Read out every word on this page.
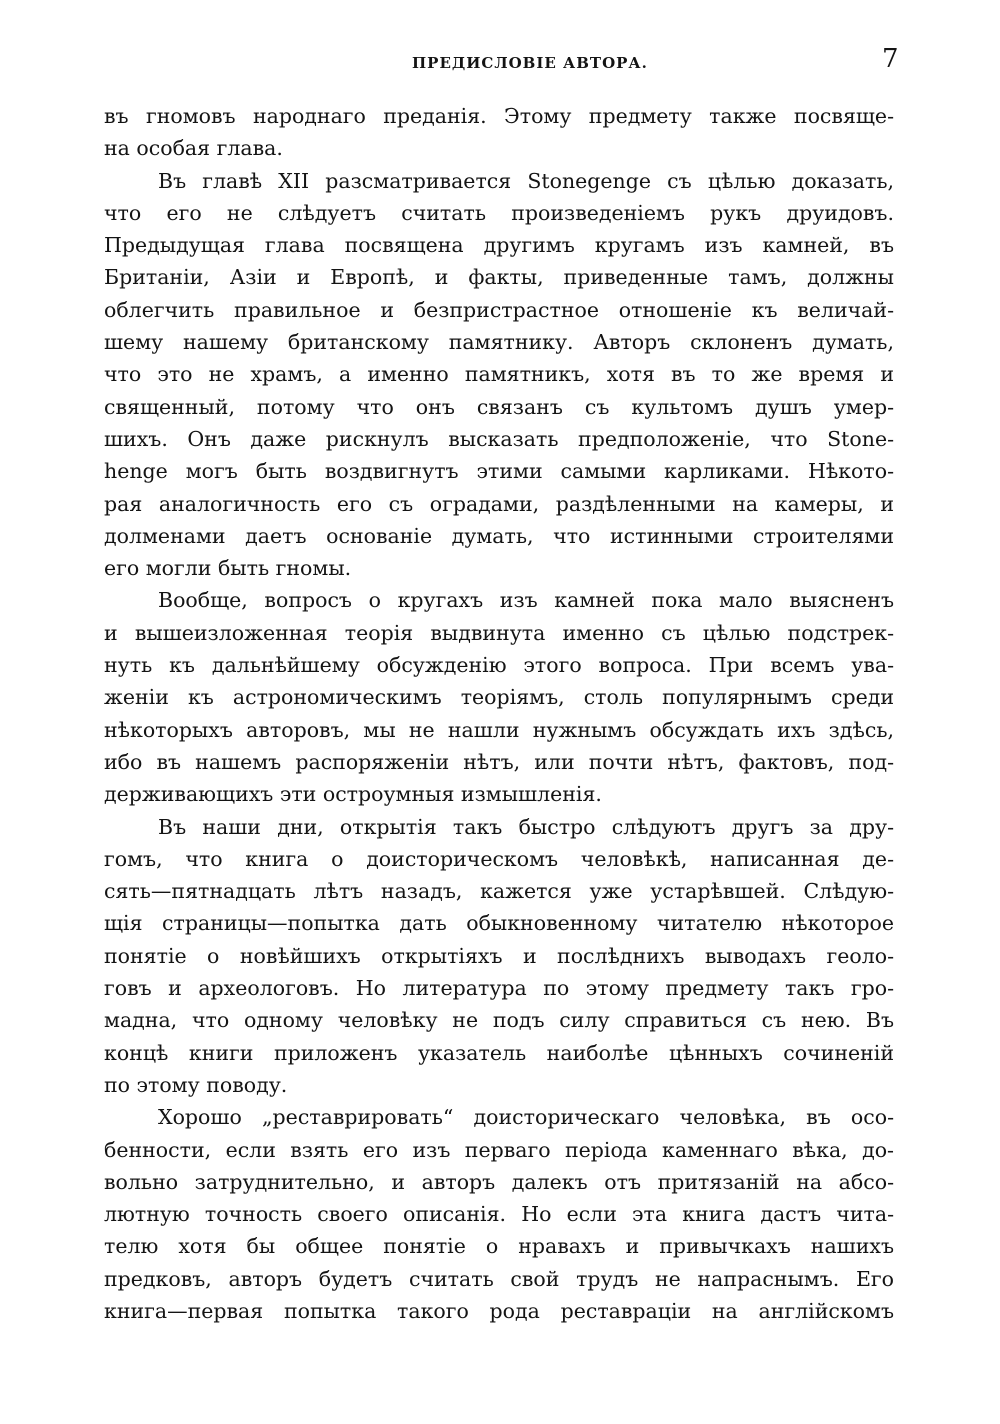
ПРЕДИСЛОВІЕ АВТОРА.	7
въ гномовъ народнаго преданія. Этому предмету также посвяще-
на особая глава.
Въ главѣ XII разсматривается Stonegenge съ цѣлью доказать,
что его не слѣдуетъ считать произведеніемъ рукъ друидовъ.
Предыдущая глава посвящена другимъ кругамъ изъ камней, въ
Британіи, Азіи и Европѣ, и факты, приведенные тамъ, должны
облегчить правильное и безпристрастное отношеніе къ величай-
шему нашему британскому памятнику. Авторъ склоненъ думать,
что это не храмъ, а именно памятникъ, хотя въ то же время и
священный, потому что онъ связанъ съ культомъ душъ умер-
шихъ. Онъ даже рискнулъ высказать предположеніе, что Stone-
henge могъ быть воздвигнутъ этими самыми карликами. Нѣкото-
рая аналогичность его съ оградами, раздѣленными на камеры, и
долменами даетъ основаніе думать, что истинными строителями
его могли быть гномы.
Вообще, вопросъ о кругахъ изъ камней пока мало выясненъ
и вышеизложенная теорія выдвинута именно съ цѣлью подстрек-
нуть къ дальнѣйшему обсужденію этого вопроса. При всемъ ува-
женіи къ астрономическимъ теоріямъ, столь популярнымъ среди
нѣкоторыхъ авторовъ, мы не нашли нужнымъ обсуждать ихъ здѣсь,
ибо въ нашемъ распоряженіи нѣтъ, или почти нѣтъ, фактовъ, под-
держивающихъ эти остроумныя измышленія.
Въ наши дни, открытія такъ быстро слѣдуютъ другъ за дру-
гомъ, что книга о доисторическомъ человѣкѣ, написанная де-
сять—пятнадцать лѣтъ назадъ, кажется уже устарѣвшей. Слѣдую-
щія страницы—попытка дать обыкновенному читателю нѣкоторое
понятіе о новѣйшихъ открытіяхъ и послѣднихъ выводахъ геоло-
говъ и археологовъ. Но литература по этому предмету такъ гро-
мадна, что одному человѣку не подъ силу справиться съ нею. Въ
концѣ книги приложенъ указатель наиболѣе цѣнныхъ сочиненій
по этому поводу.
Хорошо „реставрировать“ доисторическаго человѣка, въ осо-
бенности, если взять его изъ перваго періода каменнаго вѣка, до-
вольно затруднительно, и авторъ далекъ отъ притязаній на абсо-
лютную точность своего описанія. Но если эта книга дастъ чита-
телю хотя бы общее понятіе о нравахъ и привычкахъ нашихъ
предковъ, авторъ будетъ считать свой трудъ не напраснымъ. Его
книга—первая попытка такого рода реставраціи на англійскомъ
